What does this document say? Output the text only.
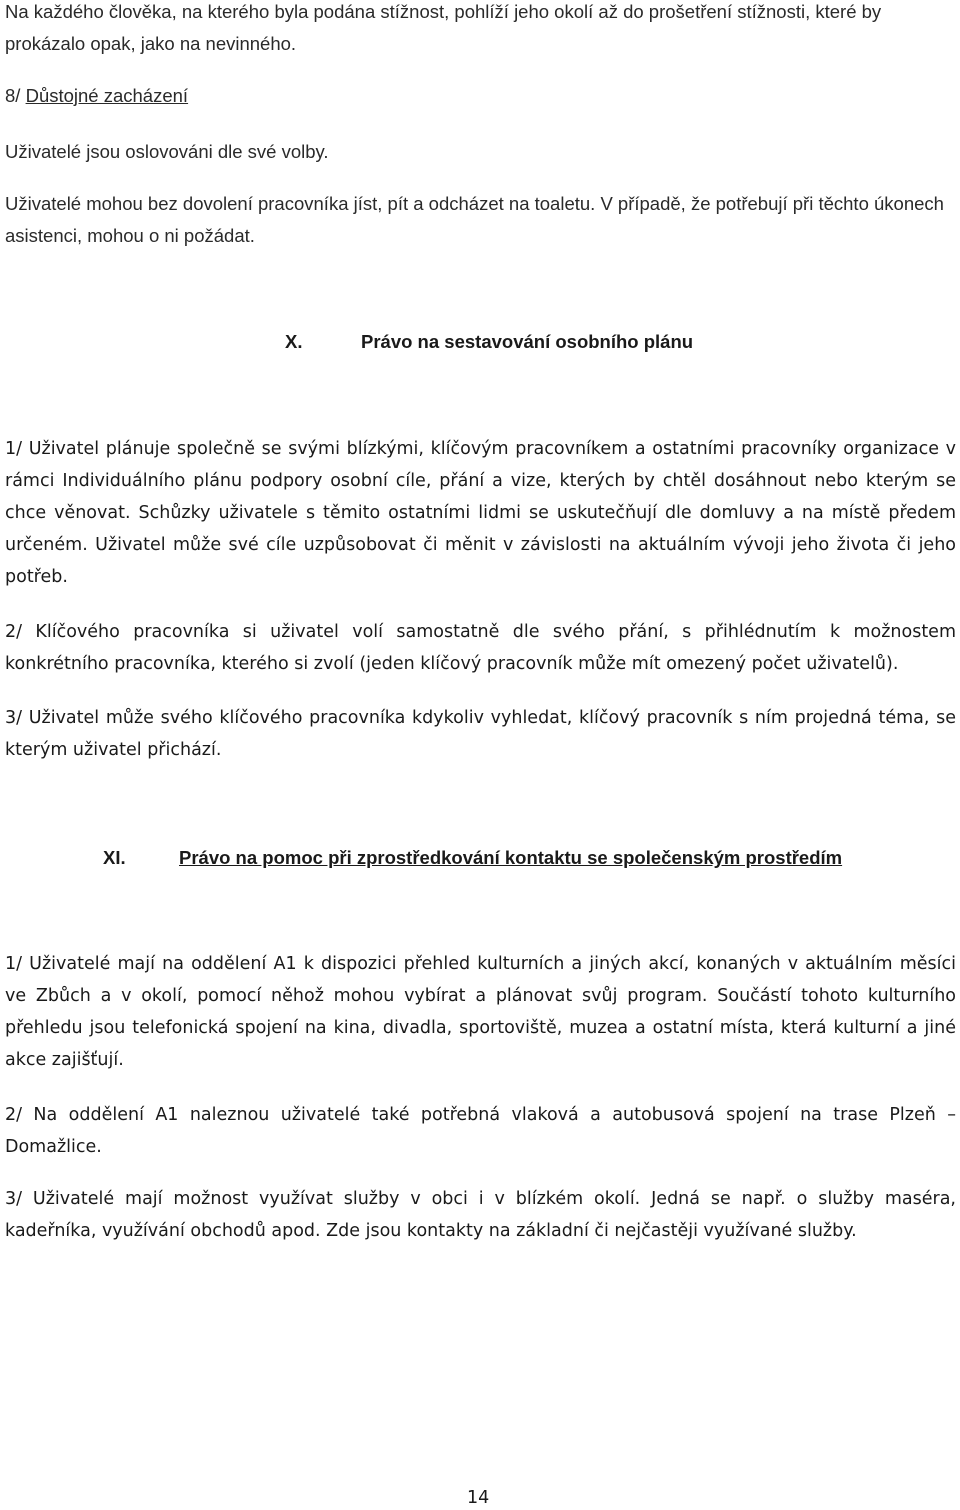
Na každého člověka, na kterého byla podána stížnost, pohlíží jeho okolí až do prošetření stížnosti, které by prokázalo opak, jako na nevinného.

8/ Důstojné zacházení

Uživatelé jsou oslovováni dle své volby.

Uživatelé mohou bez dovolení pracovníka jíst, pít a odcházet na toaletu. V případě, že potřebují při těchto úkonech asistenci, mohou o ni požádat.

X.	Právo na sestavování osobního plánu

1/ Uživatel plánuje společně se svými blízkými, klíčovým pracovníkem a ostatními pracovníky organizace v rámci Individuálního plánu podpory osobní cíle, přání a vize, kterých by chtěl dosáhnout nebo kterým se chce věnovat. Schůzky uživatele s těmito ostatními lidmi se uskutečňují dle domluvy a na místě předem určeném. Uživatel může své cíle uzpůsobovat či měnit v závislosti na aktuálním vývoji jeho života či jeho potřeb.

2/ Klíčového pracovníka si uživatel volí samostatně dle svého přání, s přihlédnutím k možnostem konkrétního pracovníka, kterého si zvolí (jeden klíčový pracovník může mít omezený počet uživatelů).

3/ Uživatel může svého klíčového pracovníka kdykoliv vyhledat, klíčový pracovník s ním projedná téma, se kterým uživatel přichází.

XI.	Právo na pomoc při zprostředkování kontaktu se společenským prostředím

1/ Uživatelé mají na oddělení A1 k dispozici přehled kulturních a jiných akcí, konaných v aktuálním měsíci ve Zbůch a v okolí, pomocí něhož mohou vybírat a plánovat svůj program. Součástí tohoto kulturního přehledu jsou telefonická spojení na kina, divadla, sportoviště, muzea a ostatní místa, která kulturní a jiné akce zajišťují.

2/ Na oddělení A1 naleznou uživatelé také potřebná vlaková a autobusová spojení na trase Plzeň – Domažlice.

3/ Uživatelé mají možnost využívat služby v obci i v blízkém okolí. Jedná se např. o služby maséra, kadeřníka, využívání obchodů apod. Zde jsou kontakty na základní či nejčastěji využívané služby.

14
